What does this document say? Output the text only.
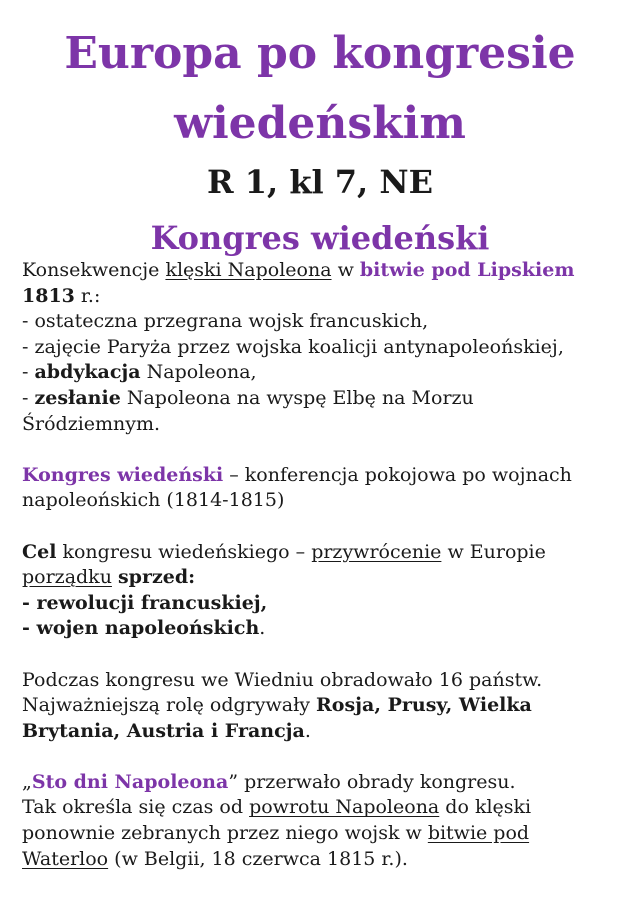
Europa po kongresie
wiedeńskim
R 1, kl 7, NE
Kongres wiedeński

Konsekwencje klęski Napoleona w bitwie pod Lipskiem
1813 r.:

- ostateczna przegrana wojsk francuskich,

- zajęcie Paryża przez wojska koalicji antynapoleońskiej,

- abdykacja Napoleona,

- zesłanie Napoleona na wyspę Elbę na Morzu
Śródziemnym.

Kongres wiedeński – konferencja pokojowa po wojnach
napoleońskich (1814-1815)

Cel kongresu wiedeńskiego – przywrócenie w Europie
porządku sprzed:
- rewolucji francuskiej,
- wojen napoleońskich.

Podczas kongresu we Wiedniu obradowało 16 państw.
Najważniejszą rolę odgrywały Rosja, Prusy, Wielka
Brytania, Austria i Francja.

„Sto dni Napoleona” przerwało obrady kongresu.
Tak określa się czas od powrotu Napoleona do klęski
ponownie zebranych przez niego wojsk w bitwie pod
Waterloo (w Belgii, 18 czerwca 1815 r.).
